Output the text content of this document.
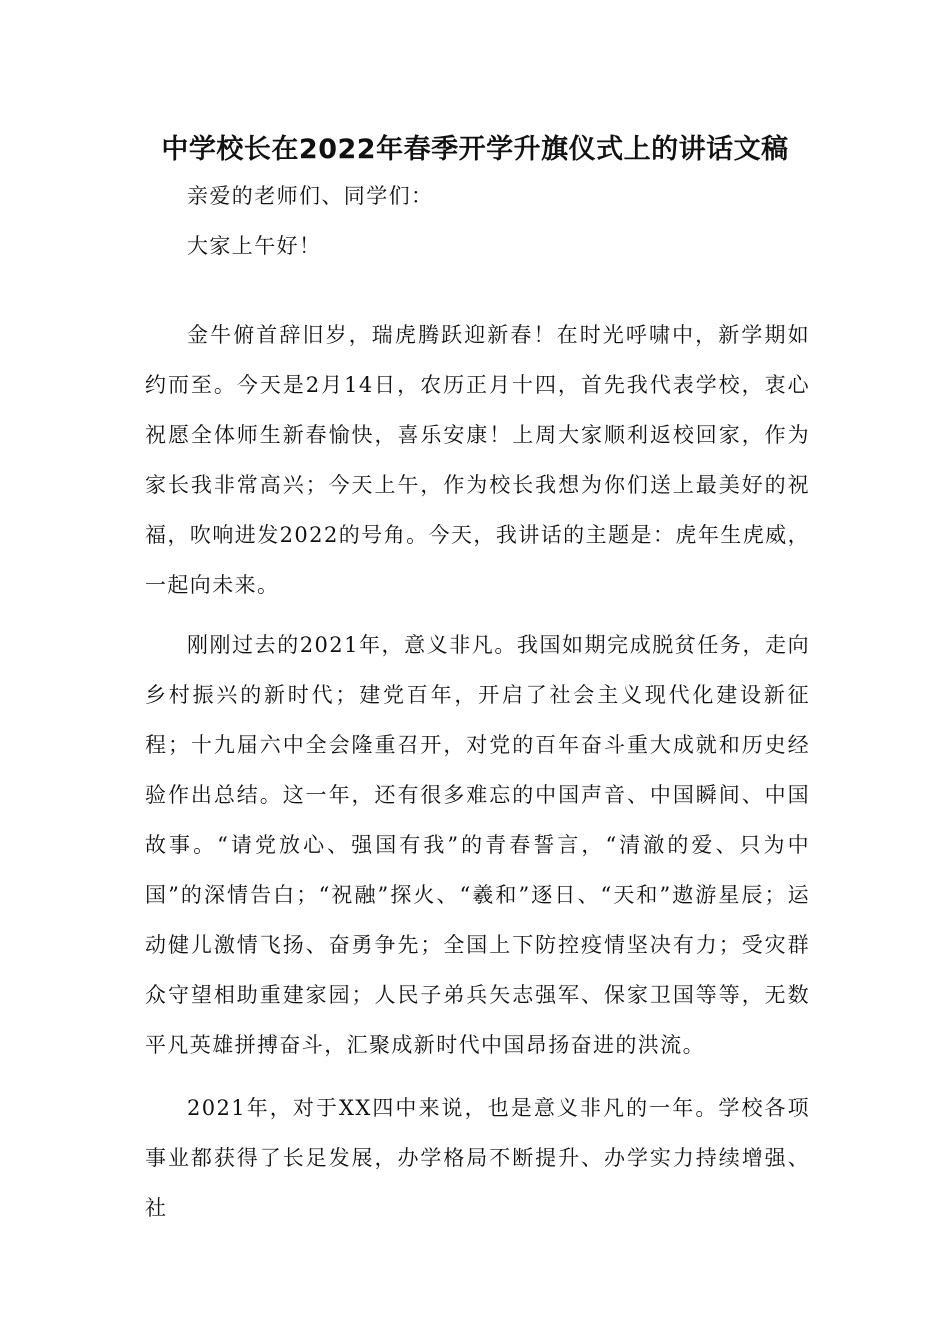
中学校长在2022年春季开学升旗仪式上的讲话文稿

亲爱的老师们、同学们：

大家上午好！

金牛俯首辞旧岁，瑞虎腾跃迎新春！在时光呼啸中，新学期如约而至。今天是2月14日，农历正月十四，首先我代表学校，衷心祝愿全体师生新春愉快，喜乐安康！上周大家顺利返校回家，作为家长我非常高兴；今天上午，作为校长我想为你们送上最美好的祝福，吹响进发2022的号角。今天，我讲话的主题是：虎年生虎威，一起向未来。

刚刚过去的2021年，意义非凡。我国如期完成脱贫任务，走向乡村振兴的新时代；建党百年，开启了社会主义现代化建设新征程；十九届六中全会隆重召开，对党的百年奋斗重大成就和历史经验作出总结。这一年，还有很多难忘的中国声音、中国瞬间、中国故事。“请党放心、强国有我”的青春誓言，“清澈的爱、只为中国”的深情告白；“祝融”探火、“羲和”逐日、“天和”遨游星辰；运动健儿激情飞扬、奋勇争先；全国上下防控疫情坚决有力；受灾群众守望相助重建家园；人民子弟兵矢志强军、保家卫国等等，无数平凡英雄拼搏奋斗，汇聚成新时代中国昂扬奋进的洪流。

2021年，对于XX四中来说，也是意义非凡的一年。学校各项事业都获得了长足发展，办学格局不断提升、办学实力持续增强、社
